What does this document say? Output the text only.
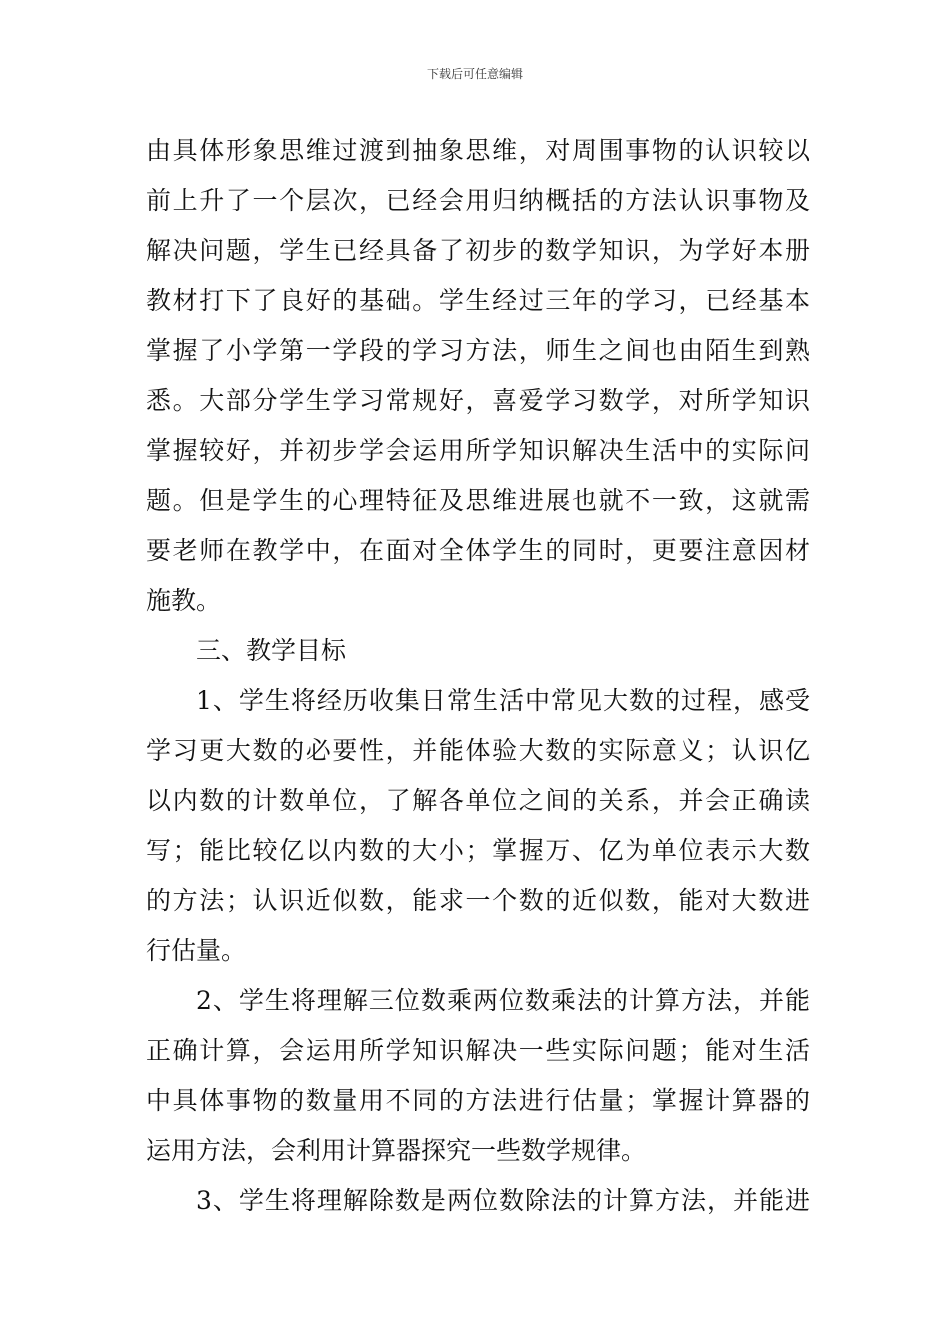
下载后可任意编辑
由具体形象思维过渡到抽象思维，对周围事物的认识较以
前上升了一个层次，已经会用归纳概括的方法认识事物及
解决问题，学生已经具备了初步的数学知识，为学好本册
教材打下了良好的基础。学生经过三年的学习，已经基本
掌握了小学第一学段的学习方法，师生之间也由陌生到熟
悉。大部分学生学习常规好，喜爱学习数学，对所学知识
掌握较好，并初步学会运用所学知识解决生活中的实际问
题。但是学生的心理特征及思维进展也就不一致，这就需
要老师在教学中，在面对全体学生的同时，更要注意因材
施教。
三、教学目标
1、学生将经历收集日常生活中常见大数的过程，感受
学习更大数的必要性，并能体验大数的实际意义；认识亿
以内数的计数单位，了解各单位之间的关系，并会正确读
写；能比较亿以内数的大小；掌握万、亿为单位表示大数
的方法；认识近似数，能求一个数的近似数，能对大数进
行估量。
2、学生将理解三位数乘两位数乘法的计算方法，并能
正确计算，会运用所学知识解决一些实际问题；能对生活
中具体事物的数量用不同的方法进行估量；掌握计算器的
运用方法，会利用计算器探究一些数学规律。
3、学生将理解除数是两位数除法的计算方法，并能进
